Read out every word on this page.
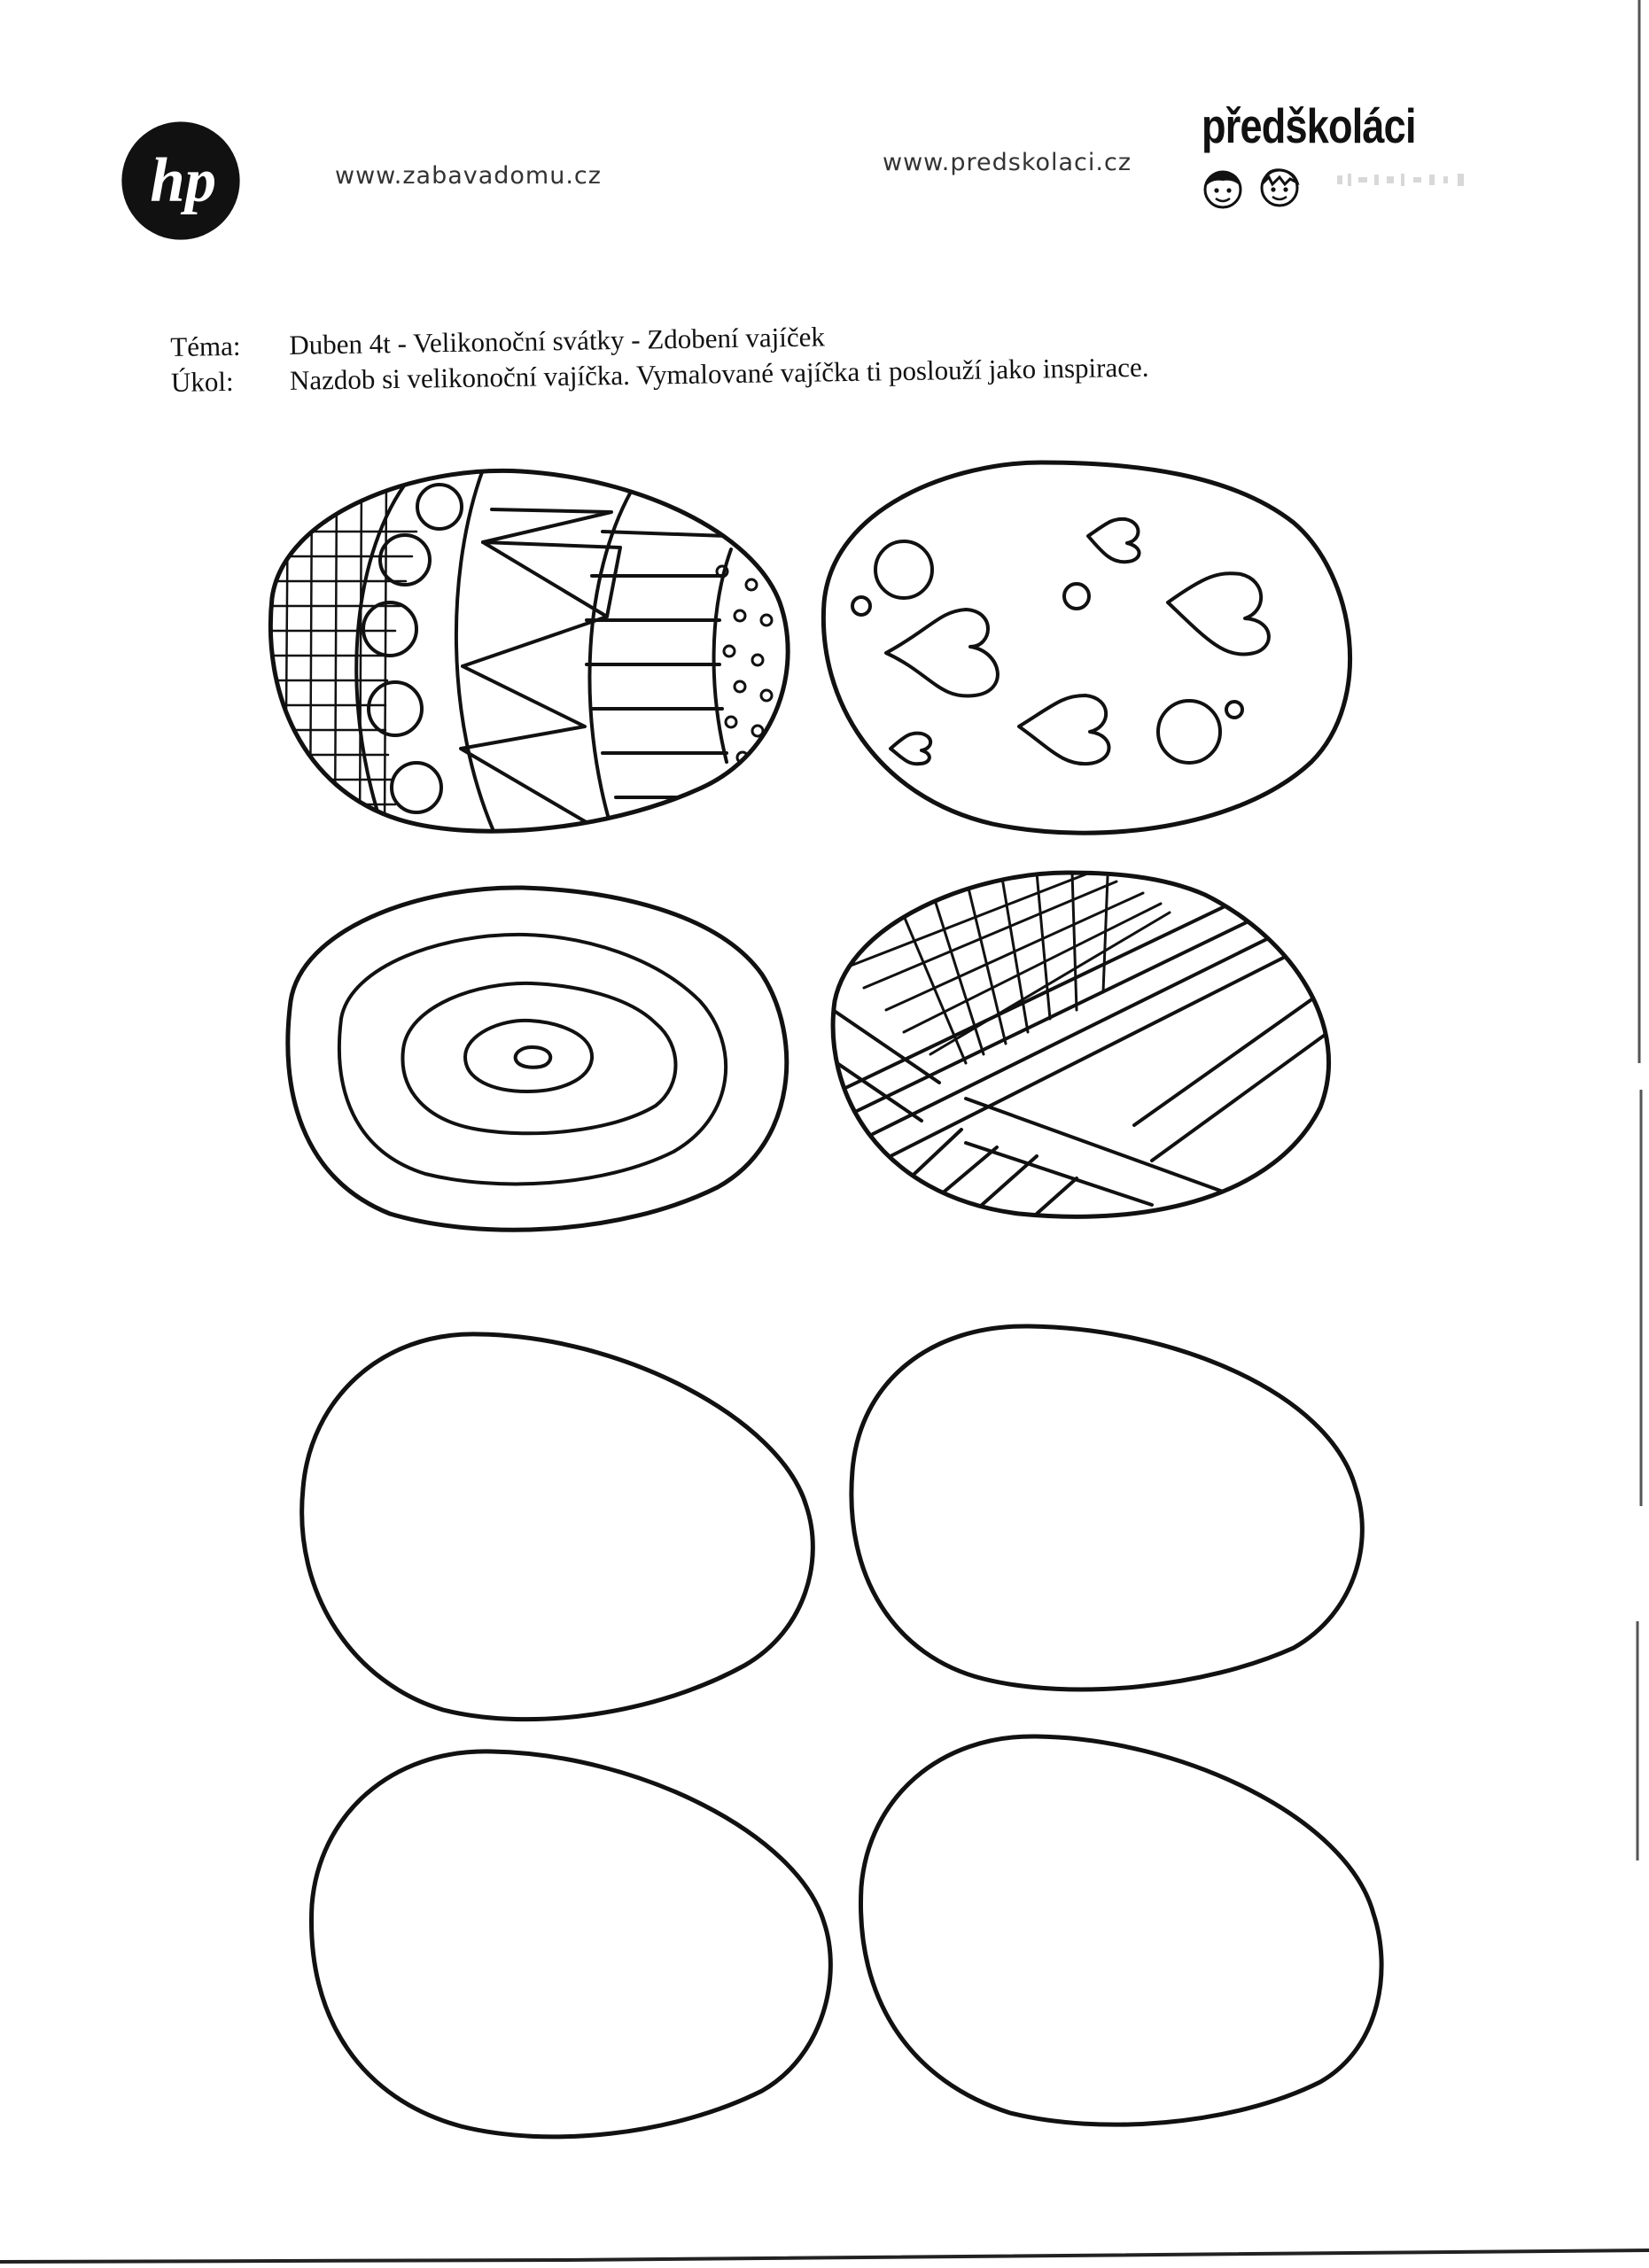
hp	www.zabavadomu.cz	www.predskolaci.cz
předškoláci
Téma:	Duben 4t - Velikonoční svátky - Zdobení vajíček
Úkol:	Nazdob si velikonoční vajíčka. Vymalované vajíčka ti poslouží jako inspirace.
